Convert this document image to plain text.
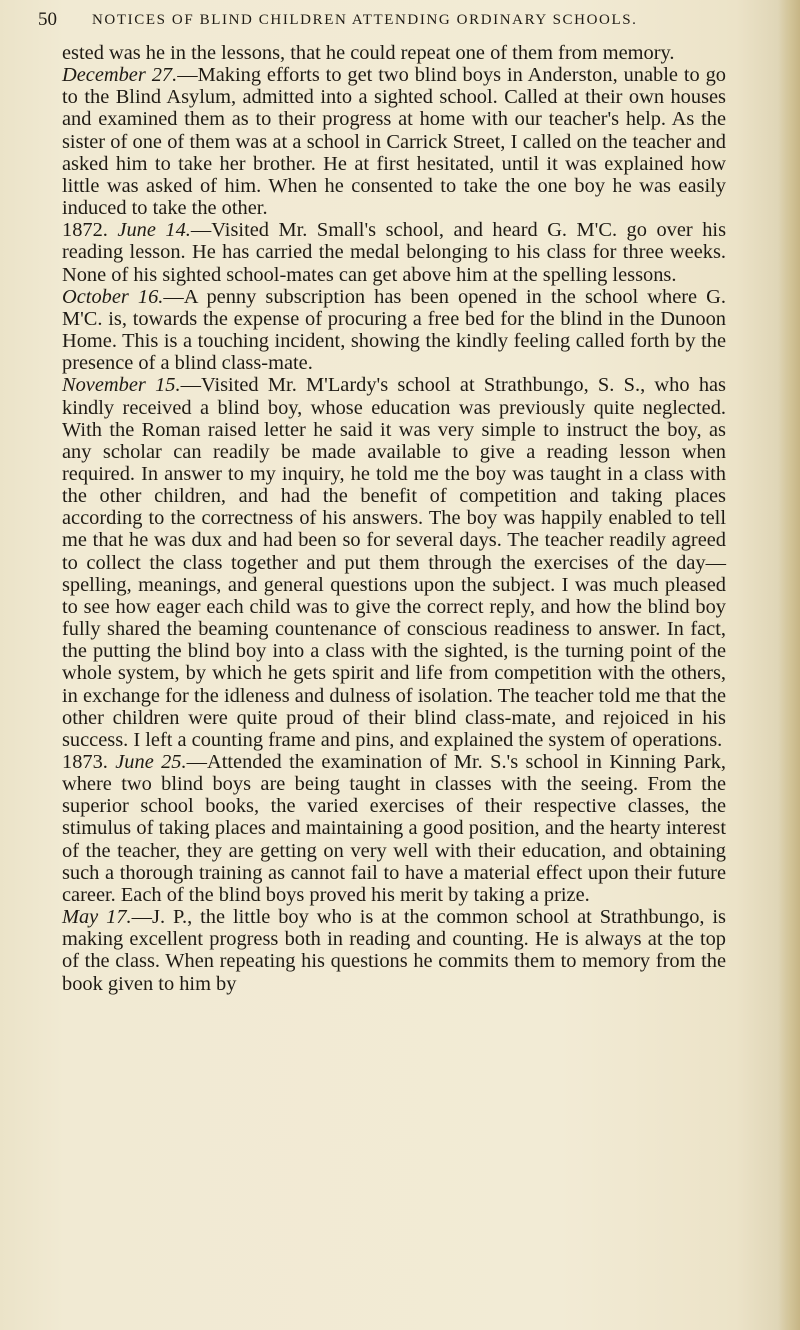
50 NOTICES OF BLIND CHILDREN ATTENDING ORDINARY SCHOOLS.

ested was he in the lessons, that he could repeat one of them from memory.

December 27.—Making efforts to get two blind boys in Anderston, unable to go to the Blind Asylum, admitted into a sighted school. Called at their own houses and examined them as to their progress at home with our teacher's help. As the sister of one of them was at a school in Carrick Street, I called on the teacher and asked him to take her brother. He at first hesitated, until it was explained how little was asked of him. When he consented to take the one boy he was easily induced to take the other.

1872. June 14.—Visited Mr. Small's school, and heard G. M'C. go over his reading lesson. He has carried the medal belonging to his class for three weeks. None of his sighted school-mates can get above him at the spelling lessons.

October 16.—A penny subscription has been opened in the school where G. M'C. is, towards the expense of procuring a free bed for the blind in the Dunoon Home. This is a touching incident, showing the kindly feeling called forth by the presence of a blind class-mate.

November 15.—Visited Mr. M'Lardy's school at Strathbungo, S. S., who has kindly received a blind boy, whose education was previously quite neglected. With the Roman raised letter he said it was very simple to instruct the boy, as any scholar can readily be made available to give a reading lesson when required. In answer to my inquiry, he told me the boy was taught in a class with the other children, and had the benefit of competition and taking places according to the correctness of his answers. The boy was happily enabled to tell me that he was dux and had been so for several days. The teacher readily agreed to collect the class together and put them through the exercises of the day—spelling, meanings, and general questions upon the subject. I was much pleased to see how eager each child was to give the correct reply, and how the blind boy fully shared the beaming countenance of conscious readiness to answer. In fact, the putting the blind boy into a class with the sighted, is the turning point of the whole system, by which he gets spirit and life from competition with the others, in exchange for the idleness and dulness of isolation. The teacher told me that the other children were quite proud of their blind class-mate, and rejoiced in his success. I left a counting frame and pins, and explained the system of operations.

1873. June 25.—Attended the examination of Mr. S.'s school in Kinning Park, where two blind boys are being taught in classes with the seeing. From the superior school books, the varied exercises of their respective classes, the stimulus of taking places and maintaining a good position, and the hearty interest of the teacher, they are getting on very well with their education, and obtaining such a thorough training as cannot fail to have a material effect upon their future career. Each of the blind boys proved his merit by taking a prize.

May 17.—J. P., the little boy who is at the common school at Strathbungo, is making excellent progress both in reading and counting. He is always at the top of the class. When repeating his questions he commits them to memory from the book given to him by
